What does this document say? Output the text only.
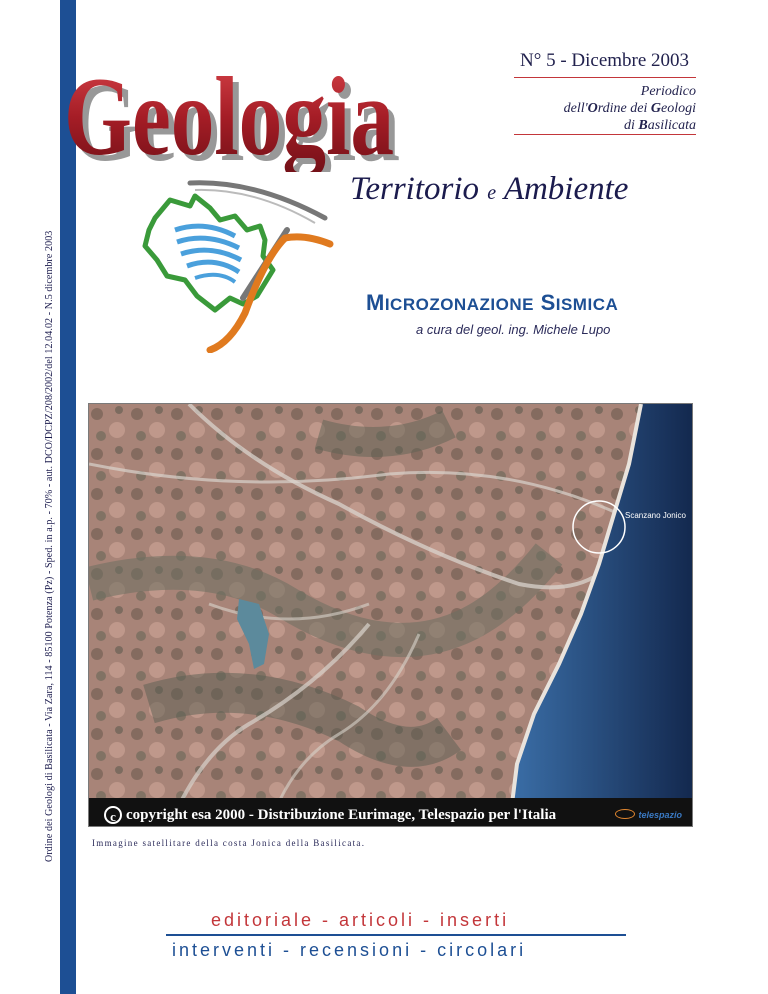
Ordine dei Geologi di Basilicata - Via Zara, 114 - 85100 Potenza (Pz) - Sped. in a.p. - 70% - aut. DCO/DCPZ/208/2002/del 12.04.02 - N.5 dicembre 2003
Geologia
Geologia	N° 5 - Dicembre 2003
Periodico
dell'Ordine dei Geologi
di Basilicata
Territorio e Ambiente
MICROZONAZIONE SISMICA
a cura del geol. ing. Michele Lupo
Scanzano Jonico
c copyright esa 2000 - Distribuzione Eurimage, Telespazio per l'Italia	telespazio
Immagine satellitare della costa Jonica della Basilicata.
editoriale - articoli - inserti
interventi - recensioni - circolari
